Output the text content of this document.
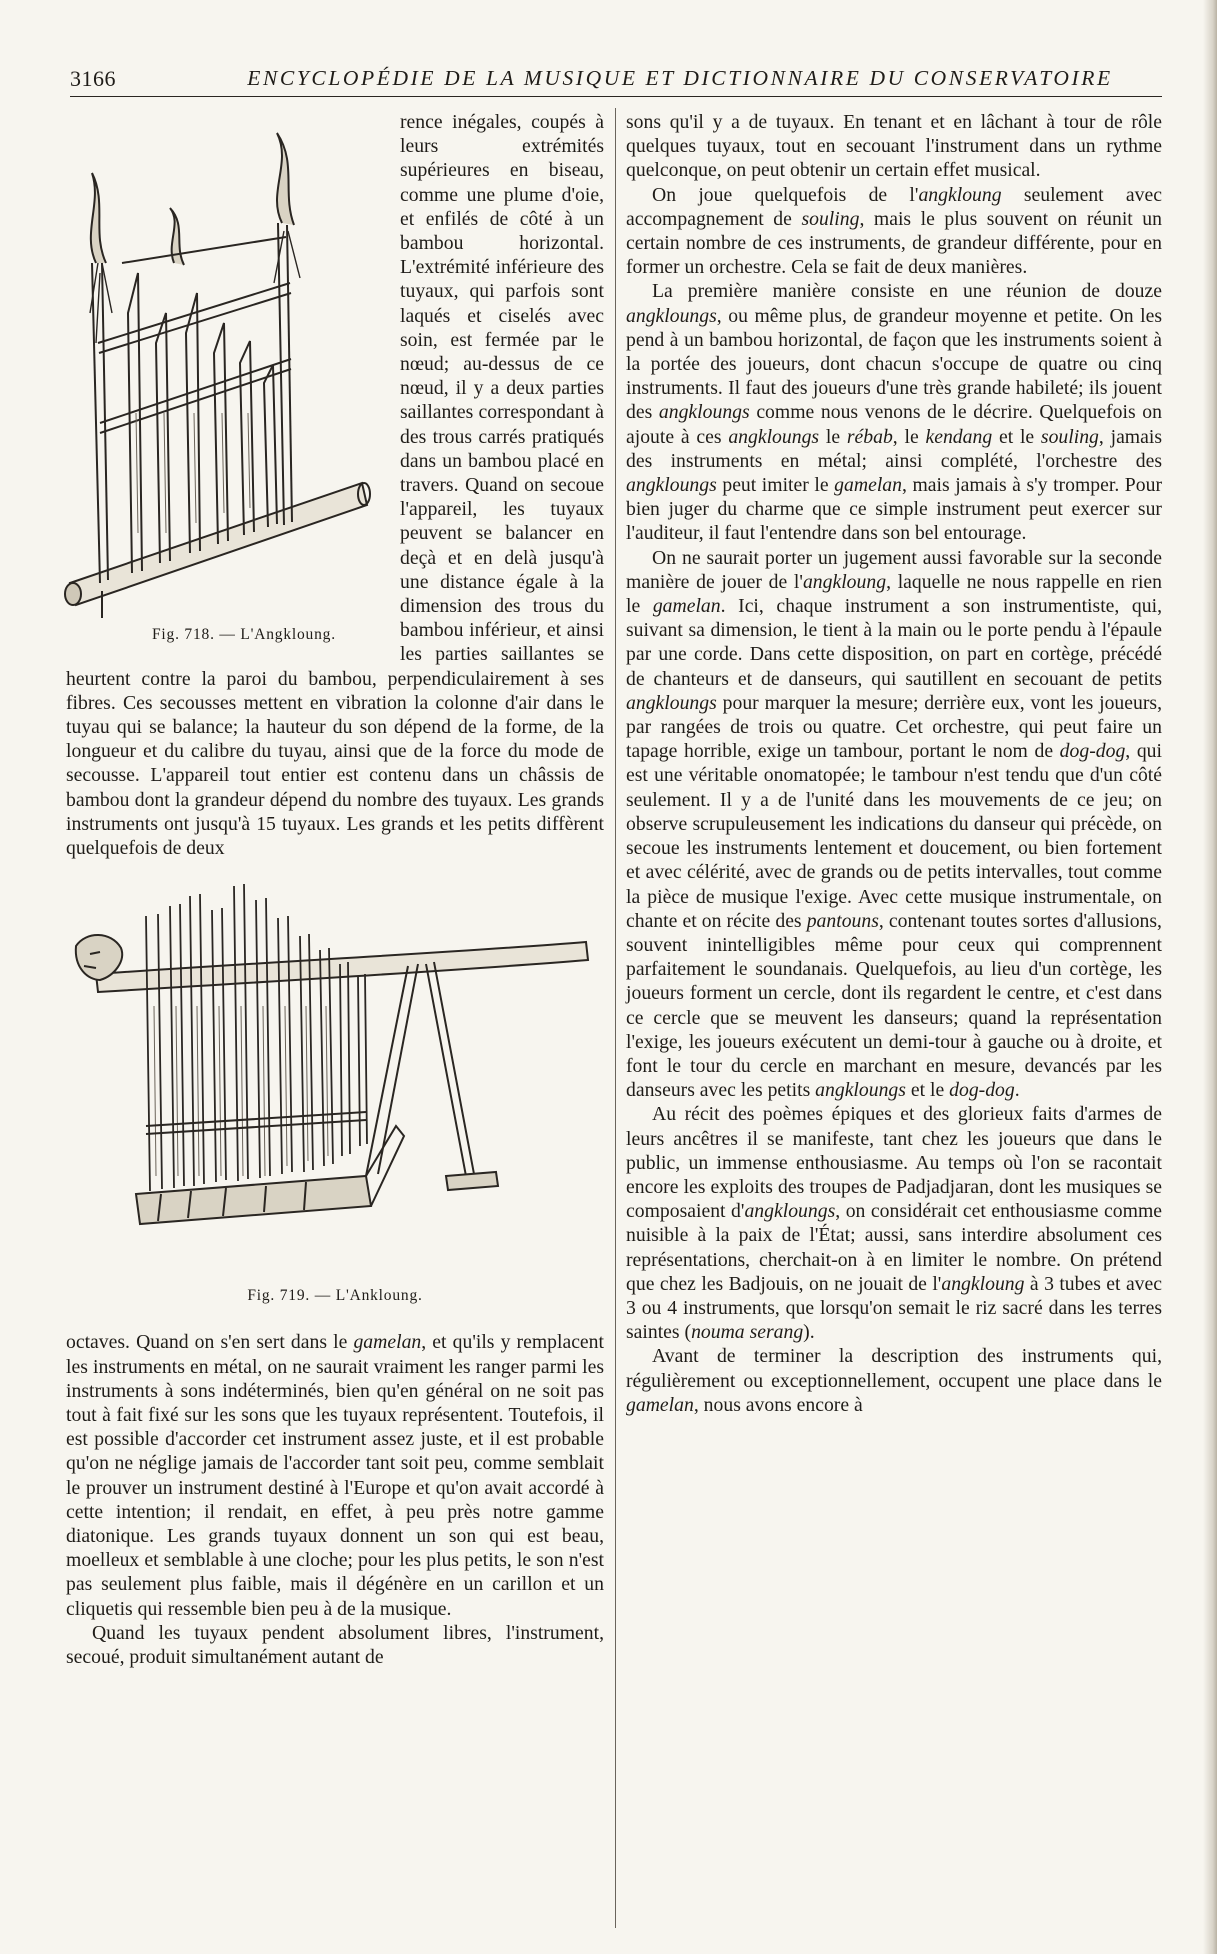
3166	ENCYCLOPÉDIE DE LA MUSIQUE ET DICTIONNAIRE DU CONSERVATOIRE
Fig. 718. — L'Angkloung.

rence inégales, coupés à leurs extrémités supérieures en biseau, comme une plume d'oie, et enfilés de côté à un bambou horizontal. L'extrémité inférieure des tuyaux, qui parfois sont laqués et ciselés avec soin, est fermée par le nœud; au-dessus de ce nœud, il y a deux parties saillantes correspondant à des trous carrés pratiqués dans un bambou placé en travers. Quand on secoue l'appareil, les tuyaux peuvent se balancer en deçà et en delà jusqu'à une distance égale à la dimension des trous du bambou inférieur, et ainsi les parties saillantes se heurtent contre la paroi du bambou, perpendiculairement à ses fibres. Ces secousses mettent en vibration la colonne d'air dans le tuyau qui se balance; la hauteur du son dépend de la forme, de la longueur et du calibre du tuyau, ainsi que de la force du mode de secousse. L'appareil tout entier est contenu dans un châssis de bambou dont la grandeur dépend du nombre des tuyaux. Les grands instruments ont jusqu'à 15 tuyaux. Les grands et les petits diffèrent quelquefois de deux

Fig. 719. — L'Ankloung.

octaves. Quand on s'en sert dans le gamelan, et qu'ils y remplacent les instruments en métal, on ne saurait vraiment les ranger parmi les instruments à sons indéterminés, bien qu'en général on ne soit pas tout à fait fixé sur les sons que les tuyaux représentent. Toutefois, il est possible d'accorder cet instrument assez juste, et il est probable qu'on ne néglige jamais de l'accorder tant soit peu, comme semblait le prouver un instrument destiné à l'Europe et qu'on avait accordé à cette intention; il rendait, en effet, à peu près notre gamme diatonique. Les grands tuyaux donnent un son qui est beau, moelleux et semblable à une cloche; pour les plus petits, le son n'est pas seulement plus faible, mais il dégénère en un carillon et un cliquetis qui ressemble bien peu à de la musique.

Quand les tuyaux pendent absolument libres, l'instrument, secoué, produit simultanément autant de

sons qu'il y a de tuyaux. En tenant et en lâchant à tour de rôle quelques tuyaux, tout en secouant l'instrument dans un rythme quelconque, on peut obtenir un certain effet musical.

On joue quelquefois de l'angkloung seulement avec accompagnement de souling, mais le plus souvent on réunit un certain nombre de ces instruments, de grandeur différente, pour en former un orchestre. Cela se fait de deux manières.

La première manière consiste en une réunion de douze angkloungs, ou même plus, de grandeur moyenne et petite. On les pend à un bambou horizontal, de façon que les instruments soient à la portée des joueurs, dont chacun s'occupe de quatre ou cinq instruments. Il faut des joueurs d'une très grande habileté; ils jouent des angkloungs comme nous venons de le décrire. Quelquefois on ajoute à ces angkloungs le rébab, le kendang et le souling, jamais des instruments en métal; ainsi complété, l'orchestre des angkloungs peut imiter le gamelan, mais jamais à s'y tromper. Pour bien juger du charme que ce simple instrument peut exercer sur l'auditeur, il faut l'entendre dans son bel entourage.

On ne saurait porter un jugement aussi favorable sur la seconde manière de jouer de l'angkloung, laquelle ne nous rappelle en rien le gamelan. Ici, chaque instrument a son instrumentiste, qui, suivant sa dimension, le tient à la main ou le porte pendu à l'épaule par une corde. Dans cette disposition, on part en cortège, précédé de chanteurs et de danseurs, qui sautillent en secouant de petits angkloungs pour marquer la mesure; derrière eux, vont les joueurs, par rangées de trois ou quatre. Cet orchestre, qui peut faire un tapage horrible, exige un tambour, portant le nom de dog-dog, qui est une véritable onomatopée; le tambour n'est tendu que d'un côté seulement. Il y a de l'unité dans les mouvements de ce jeu; on observe scrupuleusement les indications du danseur qui précède, on secoue les instruments lentement et doucement, ou bien fortement et avec célérité, avec de grands ou de petits intervalles, tout comme la pièce de musique l'exige. Avec cette musique instrumentale, on chante et on récite des pantouns, contenant toutes sortes d'allusions, souvent inintelligibles même pour ceux qui comprennent parfaitement le soundanais. Quelquefois, au lieu d'un cortège, les joueurs forment un cercle, dont ils regardent le centre, et c'est dans ce cercle que se meuvent les danseurs; quand la représentation l'exige, les joueurs exécutent un demi-tour à gauche ou à droite, et font le tour du cercle en marchant en mesure, devancés par les danseurs avec les petits angkloungs et le dog-dog.

Au récit des poèmes épiques et des glorieux faits d'armes de leurs ancêtres il se manifeste, tant chez les joueurs que dans le public, un immense enthousiasme. Au temps où l'on se racontait encore les exploits des troupes de Padjadjaran, dont les musiques se composaient d'angkloungs, on considérait cet enthousiasme comme nuisible à la paix de l'État; aussi, sans interdire absolument ces représentations, cherchait-on à en limiter le nombre. On prétend que chez les Badjouis, on ne jouait de l'angkloung à 3 tubes et avec 3 ou 4 instruments, que lorsqu'on semait le riz sacré dans les terres saintes (nouma serang).

Avant de terminer la description des instruments qui, régulièrement ou exceptionnellement, occupent une place dans le gamelan, nous avons encore à
